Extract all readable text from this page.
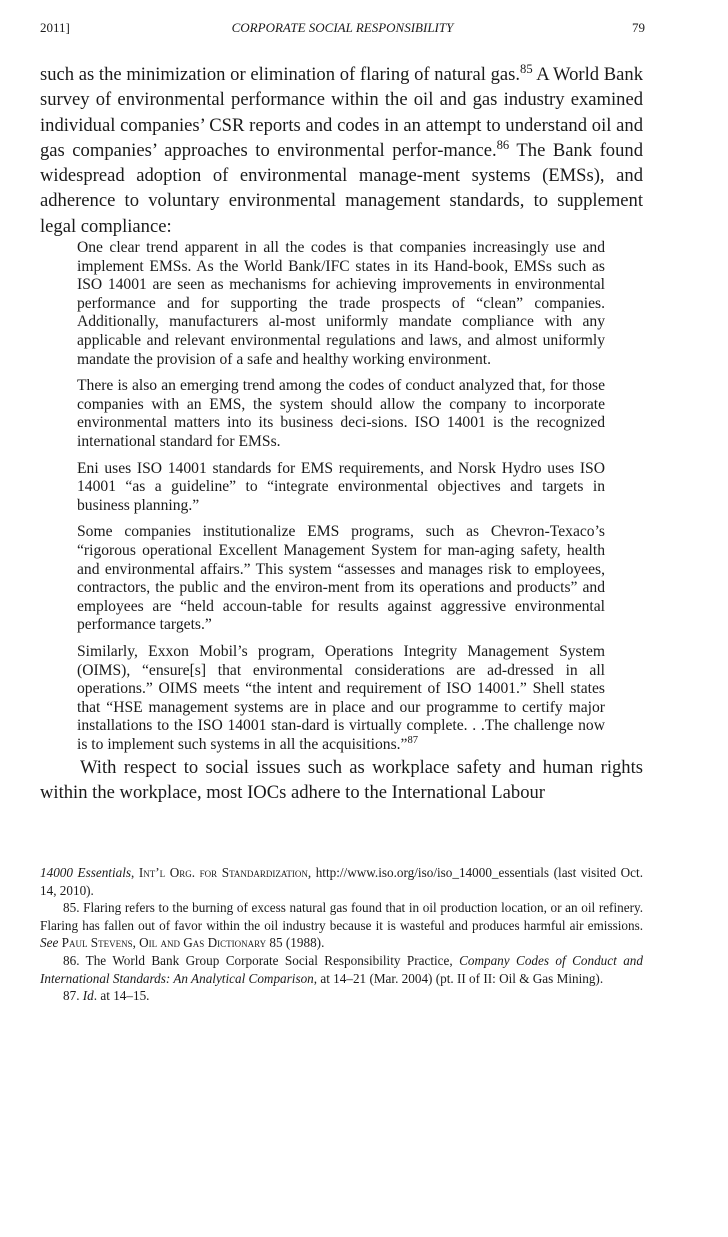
2011]	CORPORATE SOCIAL RESPONSIBILITY	79

such as the minimization or elimination of flaring of natural gas.$^{85}$ A World Bank survey of environmental performance within the oil and gas industry examined individual companies’ CSR reports and codes in an attempt to understand oil and gas companies’ approaches to environmental perfor-mance.$^{86}$ The Bank found widespread adoption of environmental manage-ment systems (EMSs), and adherence to voluntary environmental management standards, to supplement legal compliance:

One clear trend apparent in all the codes is that companies increasingly use and implement EMSs. As the World Bank/IFC states in its Hand-book, EMSs such as ISO 14001 are seen as mechanisms for achieving improvements in environmental performance and for supporting the trade prospects of “clean” companies. Additionally, manufacturers al-most uniformly mandate compliance with any applicable and relevant environmental regulations and laws, and almost uniformly mandate the provision of a safe and healthy working environment.

There is also an emerging trend among the codes of conduct analyzed that, for those companies with an EMS, the system should allow the company to incorporate environmental matters into its business deci-sions. ISO 14001 is the recognized international standard for EMSs.

Eni uses ISO 14001 standards for EMS requirements, and Norsk Hydro uses ISO 14001 “as a guideline” to “integrate environmental objectives and targets in business planning.”

Some companies institutionalize EMS programs, such as Chevron-Texaco’s “rigorous operational Excellent Management System for man-aging safety, health and environmental affairs.” This system “assesses and manages risk to employees, contractors, the public and the environ-ment from its operations and products” and employees are “held accoun-table for results against aggressive environmental performance targets.”

Similarly, Exxon Mobil’s program, Operations Integrity Management System (OIMS), “ensure[s] that environmental considerations are ad-dressed in all operations.” OIMS meets “the intent and requirement of ISO 14001.” Shell states that “HSE management systems are in place and our programme to certify major installations to the ISO 14001 stan-dard is virtually complete. . .The challenge now is to implement such systems in all the acquisitions.”$^{87}$

With respect to social issues such as workplace safety and human rights within the workplace, most IOCs adhere to the International Labour

14000 Essentials, Int’l Org. for Standardization, http://www.iso.org/iso/iso_14000_essentials (last visited Oct. 14, 2010).

85. Flaring refers to the burning of excess natural gas found that in oil production location, or an oil refinery. Flaring has fallen out of favor within the oil industry because it is wasteful and produces harmful air emissions. See Paul Stevens, Oil and Gas Dictionary 85 (1988).

86. The World Bank Group Corporate Social Responsibility Practice, Company Codes of Conduct and International Standards: An Analytical Comparison, at 14–21 (Mar. 2004) (pt. II of II: Oil & Gas Mining).

87. Id. at 14–15.
